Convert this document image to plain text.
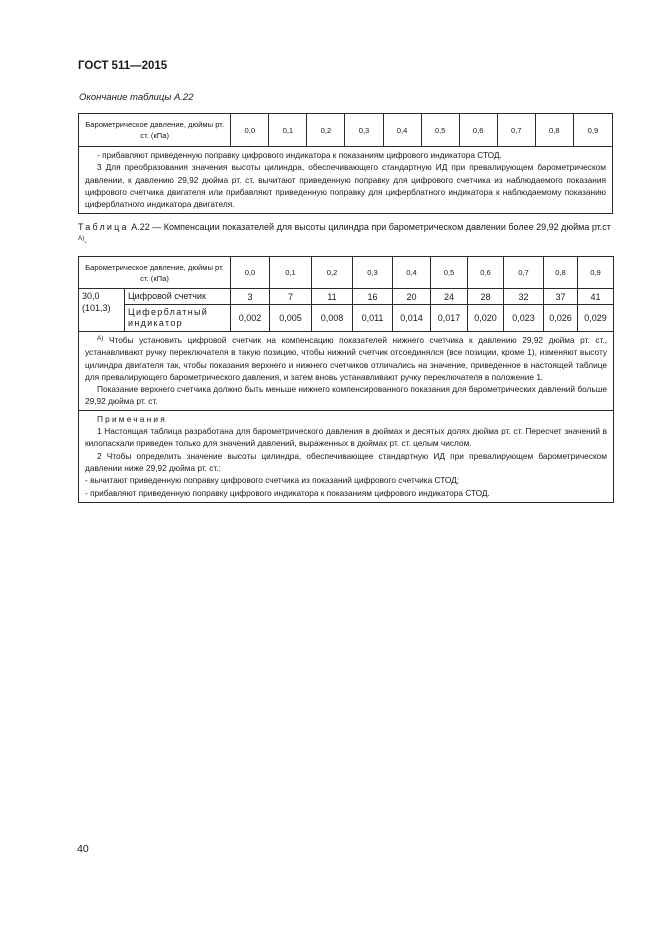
ГОСТ 511—2015
Окончание таблицы А.22
Барометрическое давление, дюймы рт. ст. (кПа)	0,0	0,1	0,2	0,3	0,4	0,5	0,6	0,7	0,8	0,9

- прибавляют приведенную поправку цифрового индикатора к показаниям цифрового индикатора СТОД.
3 Для преобразования значения высоты цилиндра, обеспечивающего стандартную ИД при превалирующем барометрическом давлении, к давлению 29,92 дюйма рт. ст. вычитают приведенную поправку для цифрового счетчика из наблюдаемого показания цифрового счетчика двигателя или прибавляют приведенную поправку для циферблатного индикатора к наблюдаемому показанию циферблатного индикатора двигателя.
Таблица А.22 — Компенсации показателей для высоты цилиндра при барометрическом давлении более 29,92 дюйма рт.ст $^{А)}$.
Барометрическое давление, дюймы рт. ст. (кПа)		0,0	0,1	0,2	0,3	0,4	0,5	0,6	0,7	0,8	0,9

30,0
(101,3)	Цифровой счетчик	3	7	11	16	20	24	28	32	37	41
	Циферблатный индикатор	0,002	0,005	0,008	0,011	0,014	0,017	0,020	0,023	0,026	0,029

$^{А)}$ Чтобы установить цифровой счетчик на компенсацию показателей нижнего счетчика к давлению 29,92 дюйма рт. ст., устанавливают ручку переключателя в такую позицию, чтобы нижний счетчик отсоединялся (все позиции, кроме 1), изменяют высоту цилиндра двигателя так, чтобы показания верхнего и нижнего счетчиков отличались на значение, приведенное в настоящей таблице для превалирующего барометрического давления, и затем вновь устанавливают ручку переключателя в положение 1.
Показание верхнего счетчика должно быть меньше нижнего компенсированного показания для барометрических давлений больше 29,92 дюйма рт. ст.											

Примечания
1 Настоящая таблица разработана для барометрического давления в дюймах и десятых долях дюйма рт. ст. Пересчет значений в килопаскали приведен только для значений давлений, выраженных в дюймах рт. ст. целым числом.
2 Чтобы определить значение высоты цилиндра, обеспечивающее стандартную ИД при превалирующем барометрическом давлении ниже 29,92 дюйма рт. ст.:
- вычитают приведенную поправку цифрового счетчика из показаний цифрового счетчика СТОД;
- прибавляют приведенную поправку цифрового индикатора к показаниям цифрового индикатора СТОД.											
40
